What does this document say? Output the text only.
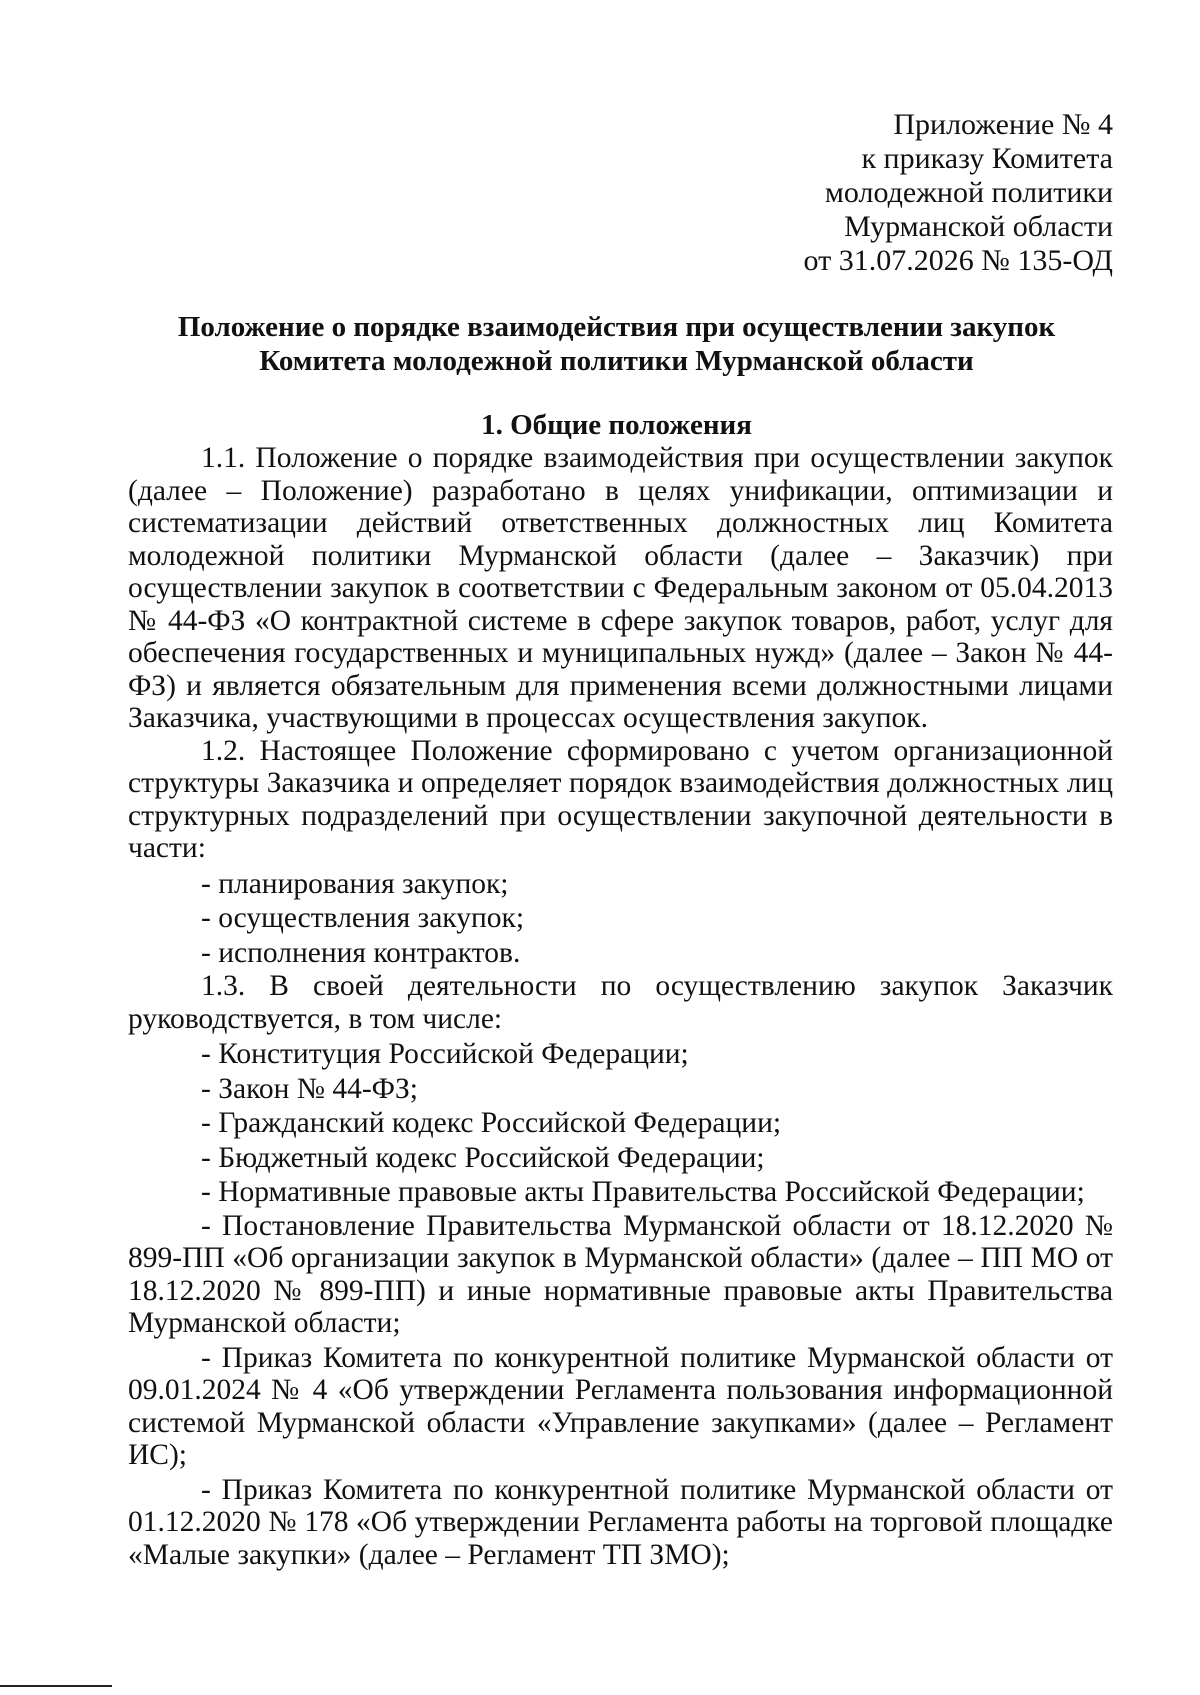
Приложение № 4
к приказу Комитета
молодежной политики
Мурманской области
от 31.07.2026 № 135-ОД
Положение о порядке взаимодействия при осуществлении закупок
Комитета молодежной политики Мурманской области
1. Общие положения

1.1. Положение о порядке взаимодействия при осуществлении закупок (далее – Положение) разработано в целях унификации, оптимизации и систематизации действий ответственных должностных лиц Комитета молодежной политики Мурманской области (далее – Заказчик) при осуществлении закупок в соответствии с Федеральным законом от 05.04.2013 № 44-ФЗ «О контрактной системе в сфере закупок товаров, работ, услуг для обеспечения государственных и муниципальных нужд» (далее – Закон № 44-ФЗ) и является обязательным для применения всеми должностными лицами Заказчика, участвующими в процессах осуществления закупок.

1.2. Настоящее Положение сформировано с учетом организационной структуры Заказчика и определяет порядок взаимодействия должностных лиц структурных подразделений при осуществлении закупочной деятельности в части:

- планирования закупок;

- осуществления закупок;

- исполнения контрактов.

1.3. В своей деятельности по осуществлению закупок Заказчик руководствуется, в том числе:

- Конституция Российской Федерации;

- Закон № 44-ФЗ;

- Гражданский кодекс Российской Федерации;

- Бюджетный кодекс Российской Федерации;

- Нормативные правовые акты Правительства Российской Федерации;

- Постановление Правительства Мурманской области от 18.12.2020 № 899-ПП «Об организации закупок в Мурманской области» (далее – ПП МО от 18.12.2020 № 899-ПП) и иные нормативные правовые акты Правительства Мурманской области;

- Приказ Комитета по конкурентной политике Мурманской области от 09.01.2024 № 4 «Об утверждении Регламента пользования информационной системой Мурманской области «Управление закупками» (далее – Регламент ИС);

- Приказ Комитета по конкурентной политике Мурманской области от 01.12.2020 № 178 «Об утверждении Регламента работы на торговой площадке «Малые закупки» (далее – Регламент ТП ЗМО);
